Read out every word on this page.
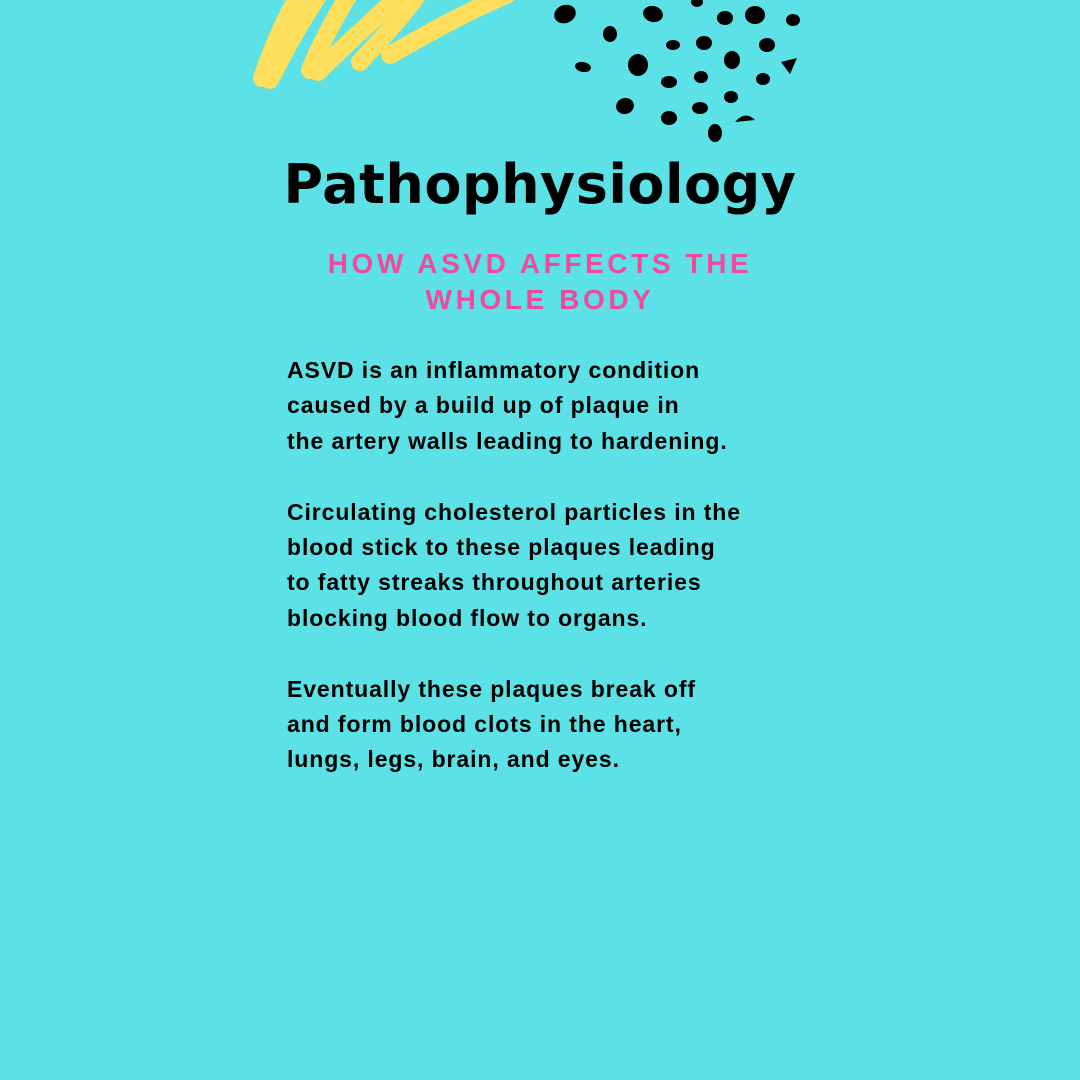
Pathophysiology
HOW ASVD AFFECTS THE
WHOLE BODY
ASVD is an inflammatory condition
caused by a build up of plaque in
the artery walls leading to hardening.
Circulating cholesterol particles in the
blood stick to these plaques leading
to fatty streaks throughout arteries
blocking blood flow to organs.
Eventually these plaques break off
and form blood clots in the heart,
lungs, legs, brain, and eyes.
